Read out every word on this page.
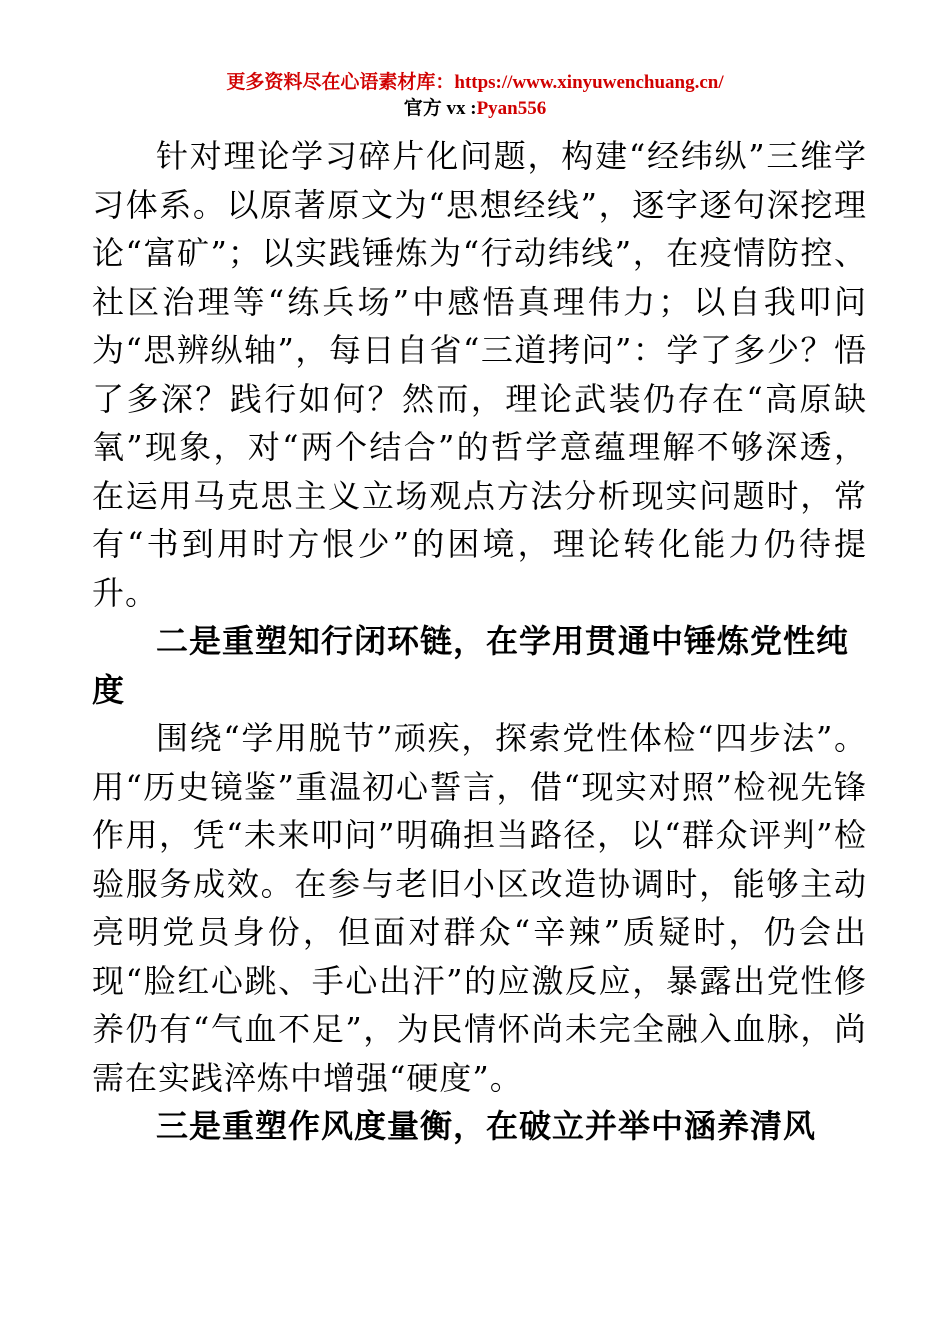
更多资料尽在心语素材库：https://www.xinyuwenchuang.cn/
官方 vx :Pyan556

针对理论学习碎片化问题，构建“经纬纵”三维学习体系。以原著原文为“思想经线”，逐字逐句深挖理论“富矿”；以实践锤炼为“行动纬线”，在疫情防控、社区治理等“练兵场”中感悟真理伟力；以自我叩问为“思辨纵轴”，每日自省“三道拷问”：学了多少？悟了多深？践行如何？然而，理论武装仍存在“高原缺氧”现象，对“两个结合”的哲学意蕴理解不够深透，在运用马克思主义立场观点方法分析现实问题时，常有“书到用时方恨少”的困境，理论转化能力仍待提升。

二是重塑知行闭环链，在学用贯通中锤炼党性纯度

围绕“学用脱节”顽疾，探索党性体检“四步法”。用“历史镜鉴”重温初心誓言，借“现实对照”检视先锋作用，凭“未来叩问”明确担当路径，以“群众评判”检验服务成效。在参与老旧小区改造协调时，能够主动亮明党员身份，但面对群众“辛辣”质疑时，仍会出现“脸红心跳、手心出汗”的应激反应，暴露出党性修养仍有“气血不足”，为民情怀尚未完全融入血脉，尚需在实践淬炼中增强“硬度”。

三是重塑作风度量衡，在破立并举中涵养清风
